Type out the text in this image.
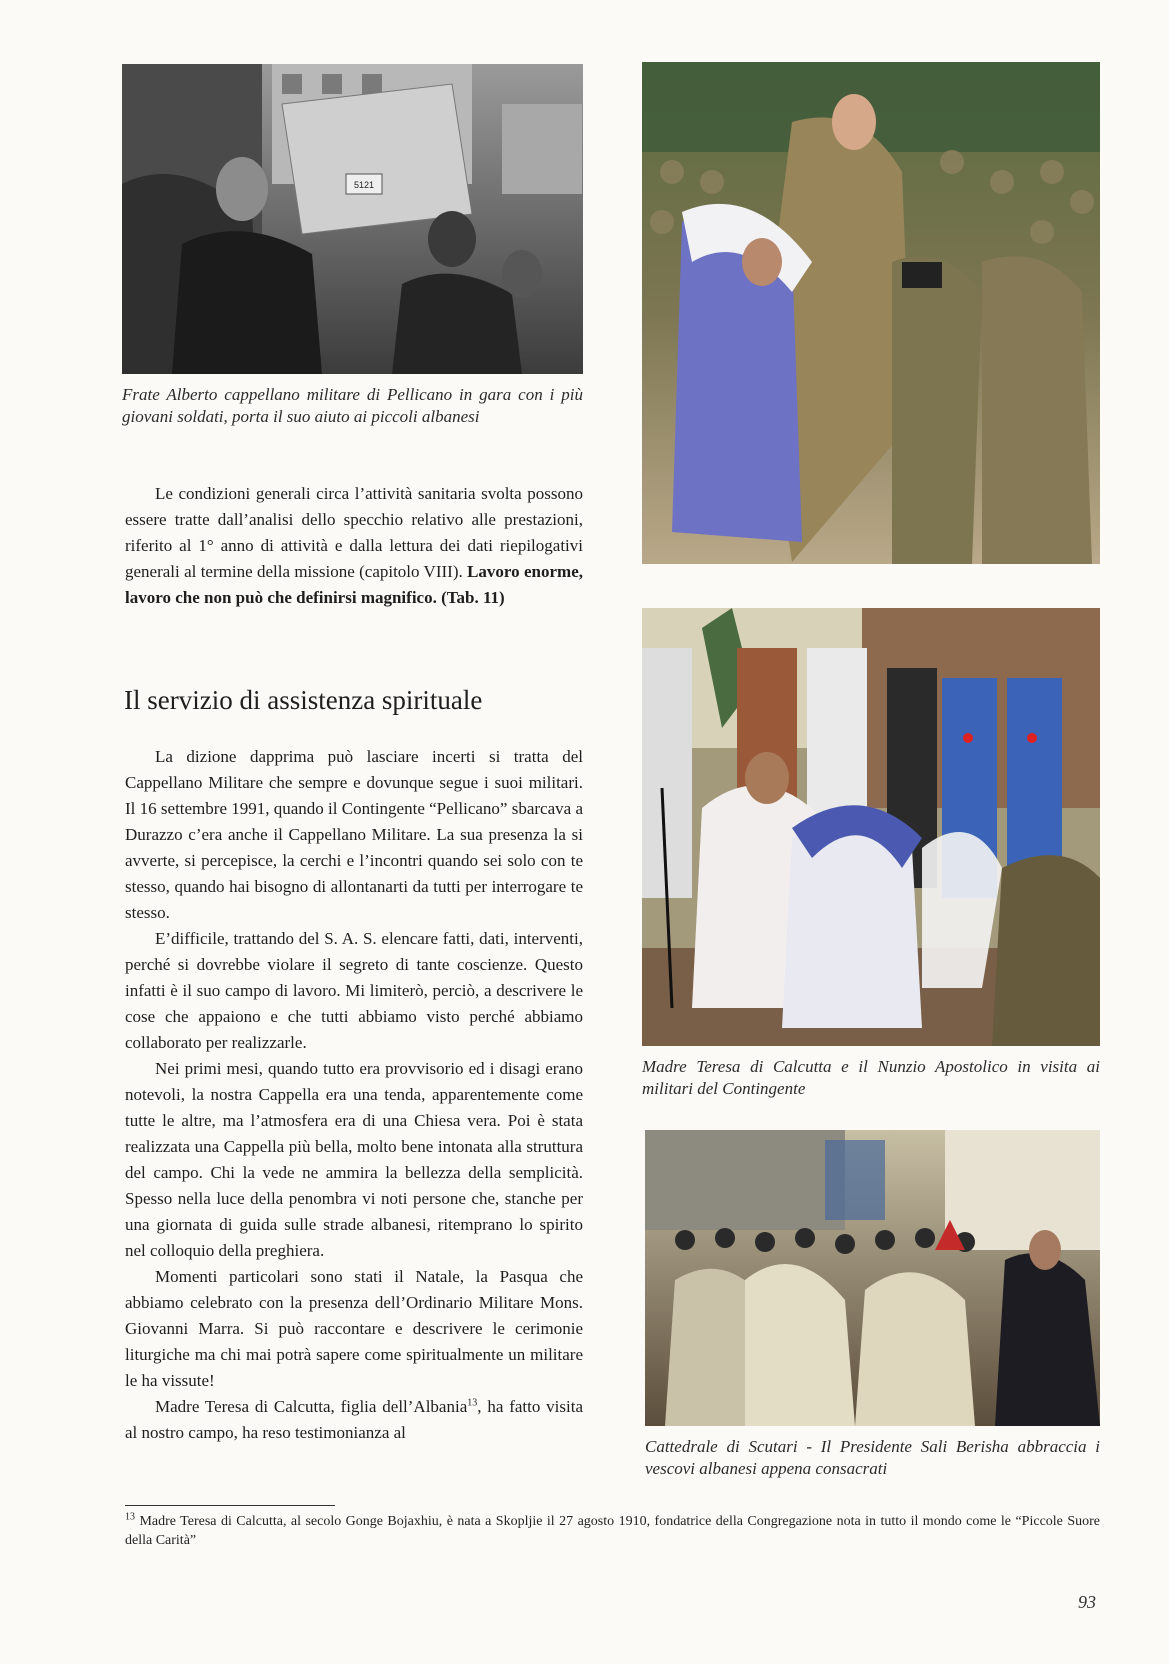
5121

Frate Alberto cappellano militare di Pellicano in gara con i più giovani soldati, porta il suo aiuto ai piccoli albanesi

Madre Teresa di Calcutta e il Nunzio Apostolico in visita ai militari del Contingente

Cattedrale di Scutari - Il Presidente Sali Berisha abbraccia i vescovi albanesi appena consacrati

Le condizioni generali circa l’attività sanitaria svolta possono essere tratte dall’analisi dello specchio relativo alle prestazioni, riferito al 1° anno di attività e dalla lettura dei dati riepilogativi generali al termine della missione (capitolo VIII). Lavoro enorme, lavoro che non può che definirsi magnifico. (Tab. 11)

Il servizio di assistenza spirituale

La dizione dapprima può lasciare incerti si tratta del Cappellano Militare che sempre e dovunque segue i suoi militari. Il 16 settembre 1991, quando il Contingente “Pellicano” sbarcava a Durazzo c’era anche il Cappellano Militare. La sua presenza la si avverte, si percepisce, la cerchi e l’incontri quando sei solo con te stesso, quando hai bisogno di allontanarti da tutti per interrogare te stesso.

E’difficile, trattando del S. A. S. elencare fatti, dati, interventi, perché si dovrebbe violare il segreto di tante coscienze. Questo infatti è il suo campo di lavoro. Mi limiterò, perciò, a descrivere le cose che appaiono e che tutti abbiamo visto perché abbiamo collaborato per realizzarle.

Nei primi mesi, quando tutto era provvisorio ed i disagi erano notevoli, la nostra Cappella era una tenda, apparentemente come tutte le altre, ma l’atmosfera era di una Chiesa vera. Poi è stata realizzata una Cappella più bella, molto bene intonata alla struttura del campo. Chi la vede ne ammira la bellezza della semplicità. Spesso nella luce della penombra vi noti persone che, stanche per una giornata di guida sulle strade albanesi, ritemprano lo spirito nel colloquio della preghiera.

Momenti particolari sono stati il Natale, la Pasqua che abbiamo celebrato con la presenza dell’Ordinario Militare Mons. Giovanni Marra. Si può raccontare e descrivere le cerimonie liturgiche ma chi mai potrà sapere come spiritualmente un militare le ha vissute!

Madre Teresa di Calcutta, figlia dell’Albania$^{13}$, ha fatto visita al nostro campo, ha reso testimonianza al

$^{13}$ Madre Teresa di Calcutta, al secolo Gonge Bojaxhiu, è nata a Skopljie il 27 agosto 1910, fondatrice della Congregazione nota in tutto il mondo come le “Piccole Suore della Carità”

93
